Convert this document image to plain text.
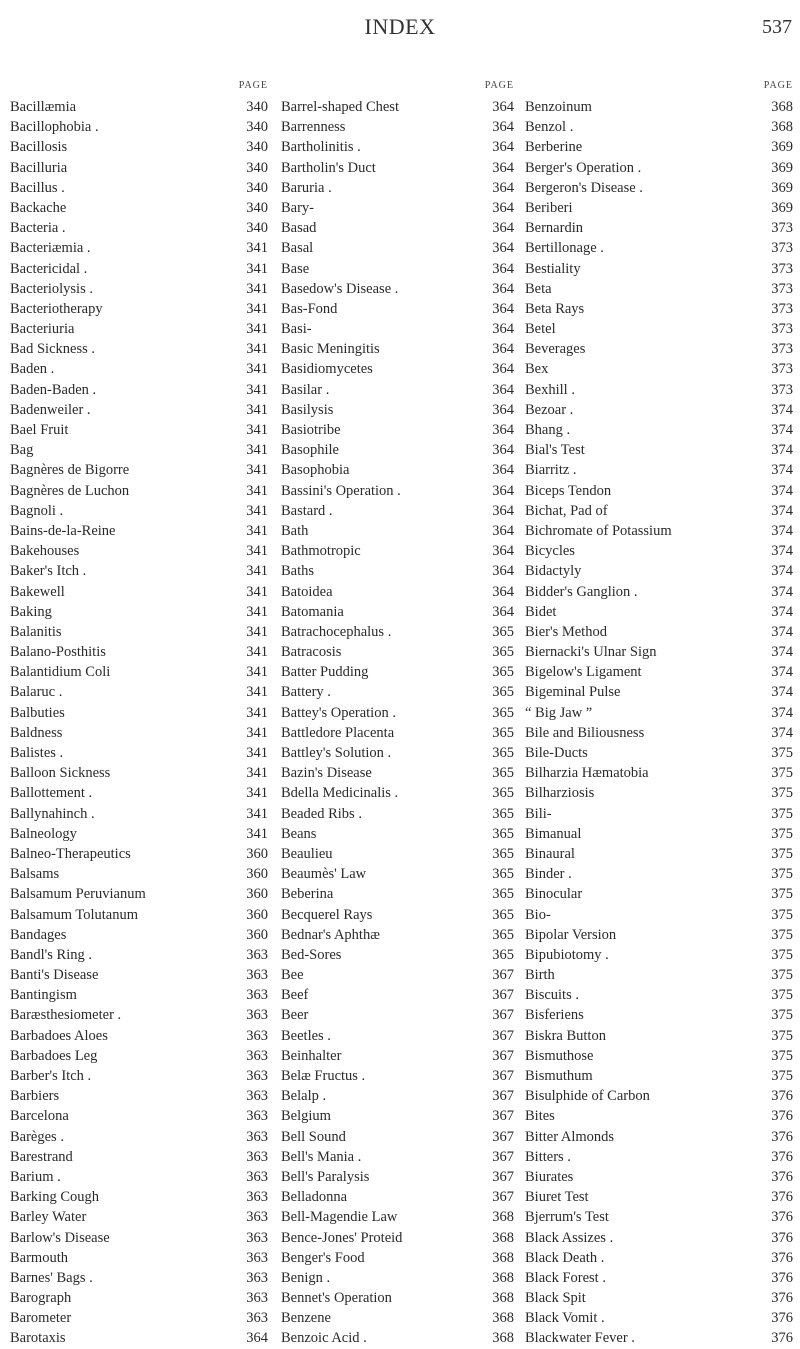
INDEX	537
PAGE
Bacillæmia	340
Bacillophobia .	340
Bacillosis	340
Bacilluria	340
Bacillus .	340
Backache	340
Bacteria .	340
Bacteriæmia .	341
Bactericidal .	341
Bacteriolysis .	341
Bacteriotherapy	341
Bacteriuria	341
Bad Sickness .	341
Baden .	341
Baden-Baden .	341
Badenweiler .	341
Bael Fruit	341
Bag	341
Bagnères de Bigorre	341
Bagnères de Luchon	341
Bagnoli .	341
Bains-de-la-Reine	341
Bakehouses	341
Baker's Itch .	341
Bakewell	341
Baking	341
Balanitis	341
Balano-Posthitis	341
Balantidium Coli	341
Balaruc .	341
Balbuties	341
Baldness	341
Balistes .	341
Balloon Sickness	341
Ballottement .	341
Ballynahinch .	341
Balneology	341
Balneo-Therapeutics	360
Balsams	360
Balsamum Peruvianum	360
Balsamum Tolutanum	360
Bandages	360
Bandl's Ring .	363
Banti's Disease	363
Bantingism	363
Baræsthesiometer .	363
Barbadoes Aloes	363
Barbadoes Leg	363
Barber's Itch .	363
Barbiers	363
Barcelona	363
Barèges .	363
Barestrand	363
Barium .	363
Barking Cough	363
Barley Water	363
Barlow's Disease	363
Barmouth	363
Barnes' Bags .	363
Barograph	363
Barometer	363
Barotaxis	364
PAGE
Barrel-shaped Chest	364
Barrenness	364
Bartholinitis .	364
Bartholin's Duct	364
Baruria .	364
Bary-	364
Basad	364
Basal	364
Base	364
Basedow's Disease .	364
Bas-Fond	364
Basi-	364
Basic Meningitis	364
Basidiomycetes	364
Basilar .	364
Basilysis	364
Basiotribe	364
Basophile	364
Basophobia	364
Bassini's Operation .	364
Bastard .	364
Bath	364
Bathmotropic	364
Baths	364
Batoidea	364
Batomania	364
Batrachocephalus .	365
Batracosis	365
Batter Pudding	365
Battery .	365
Battey's Operation .	365
Battledore Placenta	365
Battley's Solution .	365
Bazin's Disease	365
Bdella Medicinalis .	365
Beaded Ribs .	365
Beans	365
Beaulieu	365
Beaumès' Law	365
Beberina	365
Becquerel Rays	365
Bednar's Aphthæ	365
Bed-Sores	365
Bee	367
Beef	367
Beer	367
Beetles .	367
Beinhalter	367
Belæ Fructus .	367
Belalp .	367
Belgium	367
Bell Sound	367
Bell's Mania .	367
Bell's Paralysis	367
Belladonna	367
Bell-Magendie Law	368
Bence-Jones' Proteid	368
Benger's Food	368
Benign .	368
Bennet's Operation	368
Benzene	368
Benzoic Acid .	368
PAGE
Benzoinum	368
Benzol .	368
Berberine	369
Berger's Operation .	369
Bergeron's Disease .	369
Beriberi	369
Bernardin	373
Bertillonage .	373
Bestiality	373
Beta	373
Beta Rays	373
Betel	373
Beverages	373
Bex	373
Bexhill .	373
Bezoar .	374
Bhang .	374
Bial's Test	374
Biarritz .	374
Biceps Tendon	374
Bichat, Pad of	374
Bichromate of Potassium	374
Bicycles	374
Bidactyly	374
Bidder's Ganglion .	374
Bidet	374
Bier's Method	374
Biernacki's Ulnar Sign	374
Bigelow's Ligament	374
Bigeminal Pulse	374
“ Big Jaw ”	374
Bile and Biliousness	374
Bile-Ducts	375
Bilharzia Hæmatobia	375
Bilharziosis	375
Bili-	375
Bimanual	375
Binaural	375
Binder .	375
Binocular	375
Bio-	375
Bipolar Version	375
Bipubiotomy .	375
Birth	375
Biscuits .	375
Bisferiens	375
Biskra Button	375
Bismuthose	375
Bismuthum	375
Bisulphide of Carbon	376
Bites	376
Bitter Almonds	376
Bitters .	376
Biurates	376
Biuret Test	376
Bjerrum's Test	376
Black Assizes .	376
Black Death .	376
Black Forest .	376
Black Spit	376
Black Vomit .	376
Blackwater Fever .	376
